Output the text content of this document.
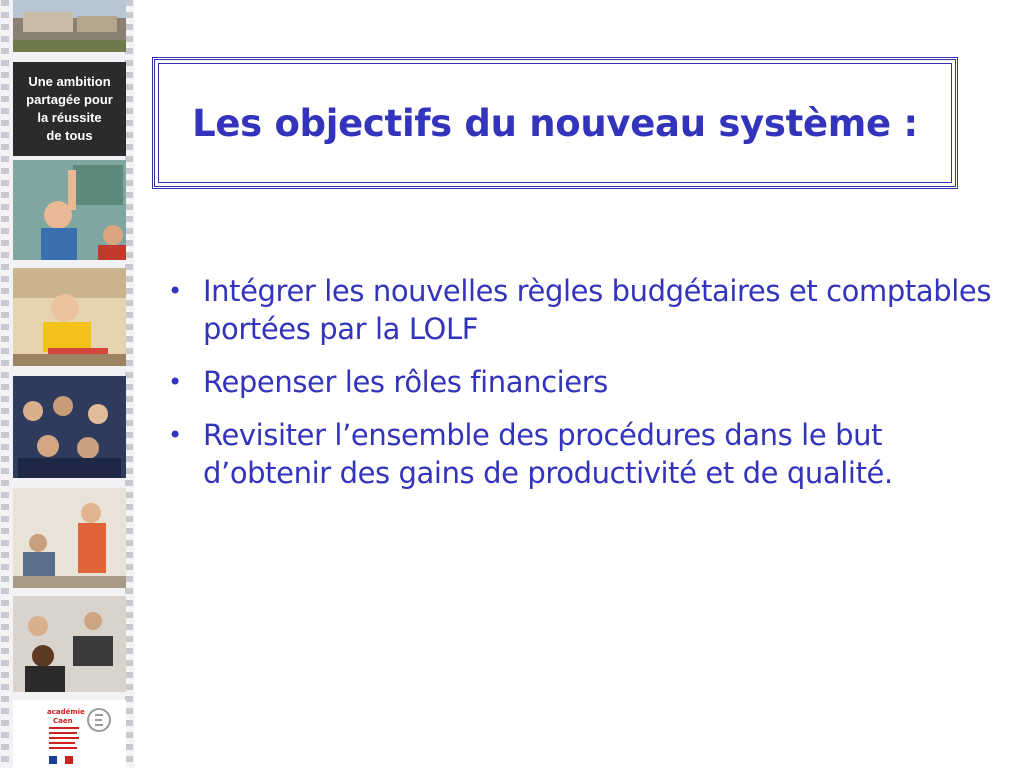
Une ambition
partagée pour
la réussite
de tous
académie
Caen
Les objectifs du nouveau système :
• Intégrer les nouvelles règles budgétaires et comptables portées par la LOLF
• Repenser les rôles financiers
• Revisiter l’ensemble des procédures dans le but d’obtenir des gains de productivité et de qualité.
